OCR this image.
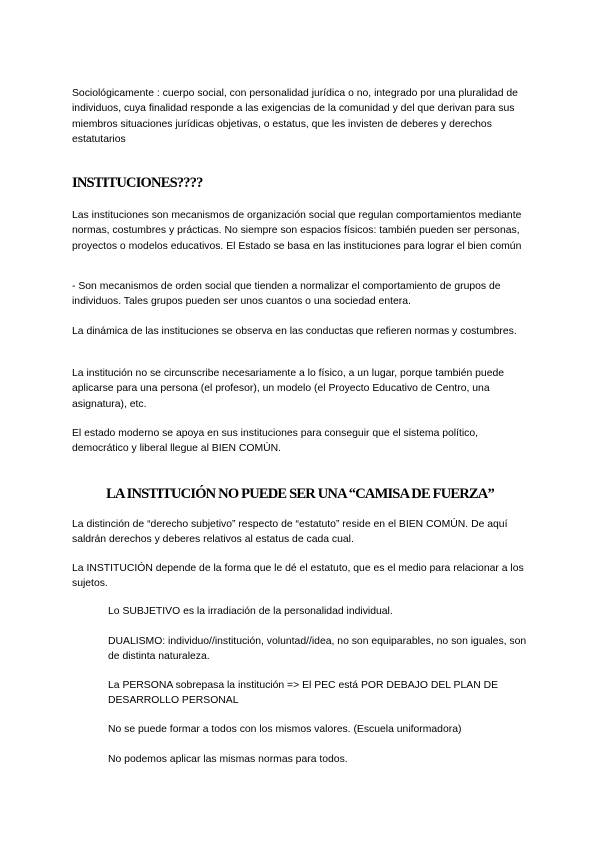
Sociológicamente : cuerpo social, con personalidad jurídica o no, integrado por una pluralidad de individuos, cuya finalidad responde a las exigencias de la comunidad y del que derivan para sus miembros situaciones jurídicas objetivas, o estatus, que les invisten de deberes y derechos estatutarios

INSTITUCIONES????

Las instituciones son mecanismos de organización social que regulan comportamientos mediante normas, costumbres y prácticas. No siempre son espacios físicos: también pueden ser personas, proyectos o modelos educativos. El Estado se basa en las instituciones para lograr el bien común

- Son mecanismos de orden social que tienden a normalizar el comportamiento de grupos de individuos. Tales grupos pueden ser unos cuantos o una sociedad entera.

La dinámica de las instituciones se observa en las conductas que refieren normas y costumbres.

La institución no se circunscribe necesariamente a lo físico, a un lugar, porque también puede aplicarse para una persona (el profesor), un modelo (el Proyecto Educativo de Centro, una asignatura), etc.

El estado moderno se apoya en sus instituciones para conseguir que el sistema político, democrático y liberal llegue al BIEN COMÚN.

LA INSTITUCIÓN NO PUEDE SER UNA “CAMISA DE FUERZA”

La distinción de “derecho subjetivo” respecto de “estatuto” reside en el BIEN COMÚN. De aquí saldrán derechos y deberes relativos al estatus de cada cual.

La INSTITUCIÓN depende de la forma que le dé el estatuto, que es el medio para relacionar a los sujetos.

Lo SUBJETIVO es la irradiación de la personalidad individual.

DUALISMO: individuo//institución, voluntad//idea, no son equiparables, no son iguales, son de distinta naturaleza.

La PERSONA sobrepasa la institución => El PEC está POR DEBAJO DEL PLAN DE DESARROLLO PERSONAL

No se puede formar a todos con los mismos valores. (Escuela uniformadora)

No podemos aplicar las mismas normas para todos.
